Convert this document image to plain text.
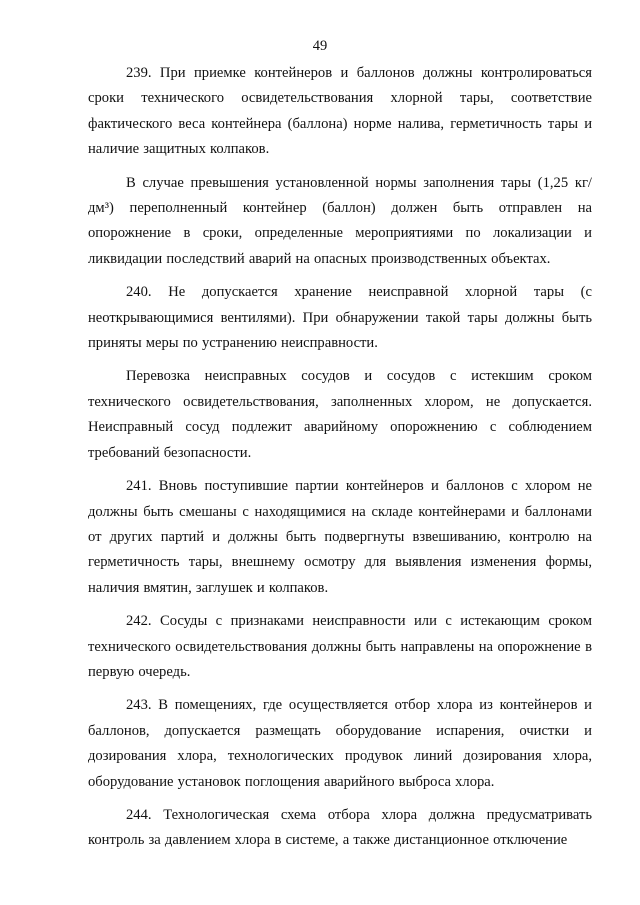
49

239. При приемке контейнеров и баллонов должны контролироваться сроки технического освидетельствования хлорной тары, соответствие фактического веса контейнера (баллона) норме налива, герметичность тары и наличие защитных колпаков.

В случае превышения установленной нормы заполнения тары (1,25 кг/дм³) переполненный контейнер (баллон) должен быть отправлен на опорожнение в сроки, определенные мероприятиями по локализации и ликвидации последствий аварий на опасных производственных объектах.

240. Не допускается хранение неисправной хлорной тары (с неоткрывающимися вентилями). При обнаружении такой тары должны быть приняты меры по устранению неисправности.

Перевозка неисправных сосудов и сосудов с истекшим сроком технического освидетельствования, заполненных хлором, не допускается. Неисправный сосуд подлежит аварийному опорожнению с соблюдением требований безопасности.

241. Вновь поступившие партии контейнеров и баллонов с хлором не должны быть смешаны с находящимися на складе контейнерами и баллонами от других партий и должны быть подвергнуты взвешиванию, контролю на герметичность тары, внешнему осмотру для выявления изменения формы, наличия вмятин, заглушек и колпаков.

242. Сосуды с признаками неисправности или с истекающим сроком технического освидетельствования должны быть направлены на опорожнение в первую очередь.

243. В помещениях, где осуществляется отбор хлора из контейнеров и баллонов, допускается размещать оборудование испарения, очистки и дозирования хлора, технологических продувок линий дозирования хлора, оборудование установок поглощения аварийного выброса хлора.

244. Технологическая схема отбора хлора должна предусматривать контроль за давлением хлора в системе, а также дистанционное отключение
